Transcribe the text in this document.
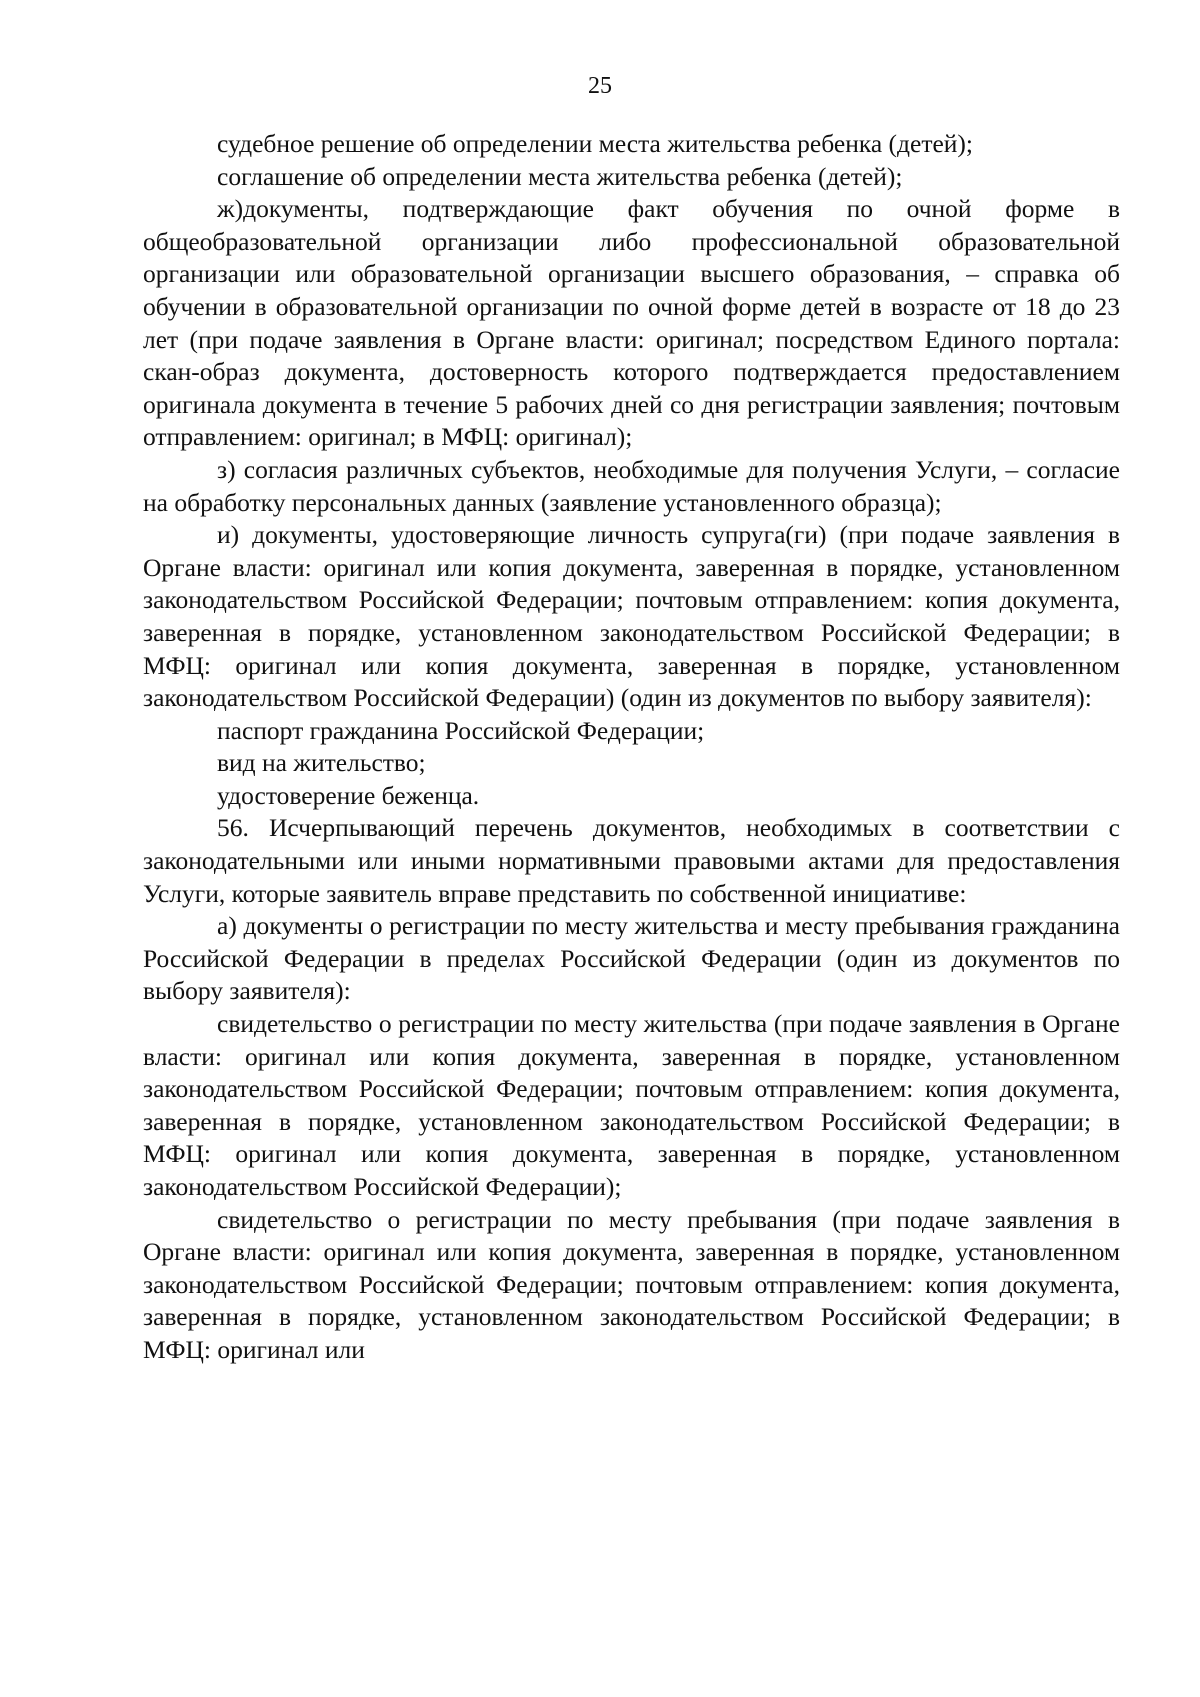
25

судебное решение об определении места жительства ребенка (детей);

соглашение об определении места жительства ребенка (детей);

ж)документы, подтверждающие факт обучения по очной форме в общеобразовательной организации либо профессиональной образовательной организации или образовательной организации высшего образования, – справка об обучении в образовательной организации по очной форме детей в возрасте от 18 до 23 лет (при подаче заявления в Органе власти: оригинал; посредством Единого портала: скан-образ документа, достоверность которого подтверждается предоставлением оригинала документа в течение 5 рабочих дней со дня регистрации заявления; почтовым отправлением: оригинал; в МФЦ: оригинал);

з) согласия различных субъектов, необходимые для получения Услуги, – согласие на обработку персональных данных (заявление установленного образца);

и) документы, удостоверяющие личность супруга(ги) (при подаче заявления в Органе власти: оригинал или копия документа, заверенная в порядке, установленном законодательством Российской Федерации; почтовым отправлением: копия документа, заверенная в порядке, установленном законодательством Российской Федерации; в МФЦ: оригинал или копия документа, заверенная в порядке, установленном законодательством Российской Федерации) (один из документов по выбору заявителя):

паспорт гражданина Российской Федерации;

вид на жительство;

удостоверение беженца.

56. Исчерпывающий перечень документов, необходимых в соответствии с законодательными или иными нормативными правовыми актами для предоставления Услуги, которые заявитель вправе представить по собственной инициативе:

а) документы о регистрации по месту жительства и месту пребывания гражданина Российской Федерации в пределах Российской Федерации (один из документов по выбору заявителя):

свидетельство о регистрации по месту жительства (при подаче заявления в Органе власти: оригинал или копия документа, заверенная в порядке, установленном законодательством Российской Федерации; почтовым отправлением: копия документа, заверенная в порядке, установленном законодательством Российской Федерации; в МФЦ: оригинал или копия документа, заверенная в порядке, установленном законодательством Российской Федерации);

свидетельство о регистрации по месту пребывания (при подаче заявления в Органе власти: оригинал или копия документа, заверенная в порядке, установленном законодательством Российской Федерации; почтовым отправлением: копия документа, заверенная в порядке, установленном законодательством Российской Федерации; в МФЦ: оригинал или
